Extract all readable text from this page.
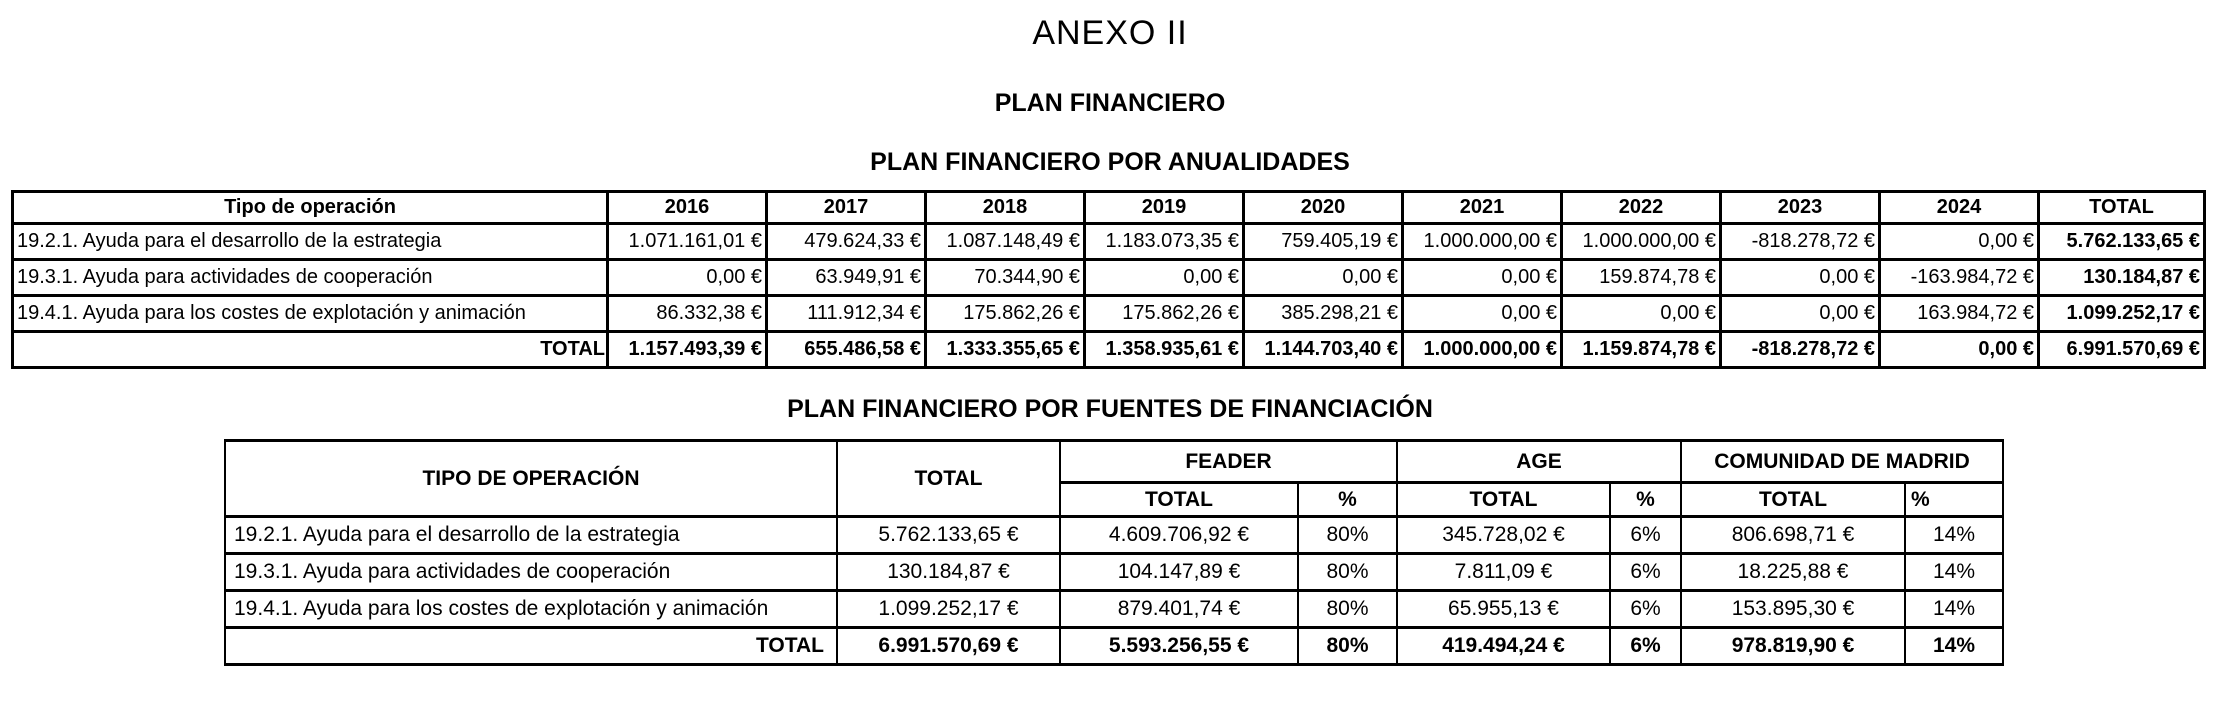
ANEXO II
PLAN FINANCIERO
PLAN FINANCIERO POR ANUALIDADES
Tipo de operación	2016	2017	2018	2019	2020	2021	2022	2023	2024	TOTAL
19.2.1. Ayuda para el desarrollo de la estrategia	1.071.161,01 €	479.624,33 €	1.087.148,49 €	1.183.073,35 €	759.405,19 €	1.000.000,00 €	1.000.000,00 €	-818.278,72 €	0,00 €	5.762.133,65 €
19.3.1. Ayuda para actividades de cooperación	0,00 €	63.949,91 €	70.344,90 €	0,00 €	0,00 €	0,00 €	159.874,78 €	0,00 €	-163.984,72 €	130.184,87 €
19.4.1. Ayuda para los costes de explotación y animación	86.332,38 €	111.912,34 €	175.862,26 €	175.862,26 €	385.298,21 €	0,00 €	0,00 €	0,00 €	163.984,72 €	1.099.252,17 €
TOTAL	1.157.493,39 €	655.486,58 €	1.333.355,65 €	1.358.935,61 €	1.144.703,40 €	1.000.000,00 €	1.159.874,78 €	-818.278,72 €	0,00 €	6.991.570,69 €
PLAN FINANCIERO POR FUENTES DE FINANCIACIÓN
TIPO DE OPERACIÓN	TOTAL	FEADER		AGE		COMUNIDAD DE MADRID	
		TOTAL	%	TOTAL	%	TOTAL	%
19.2.1. Ayuda para el desarrollo de la estrategia	5.762.133,65 €	4.609.706,92 €	80%	345.728,02 €	6%	806.698,71 €	14%
19.3.1. Ayuda para actividades de cooperación	130.184,87 €	104.147,89 €	80%	7.811,09 €	6%	18.225,88 €	14%
19.4.1. Ayuda para los costes de explotación y animación	1.099.252,17 €	879.401,74 €	80%	65.955,13 €	6%	153.895,30 €	14%
TOTAL	6.991.570,69 €	5.593.256,55 €	80%	419.494,24 €	6%	978.819,90 €	14%
